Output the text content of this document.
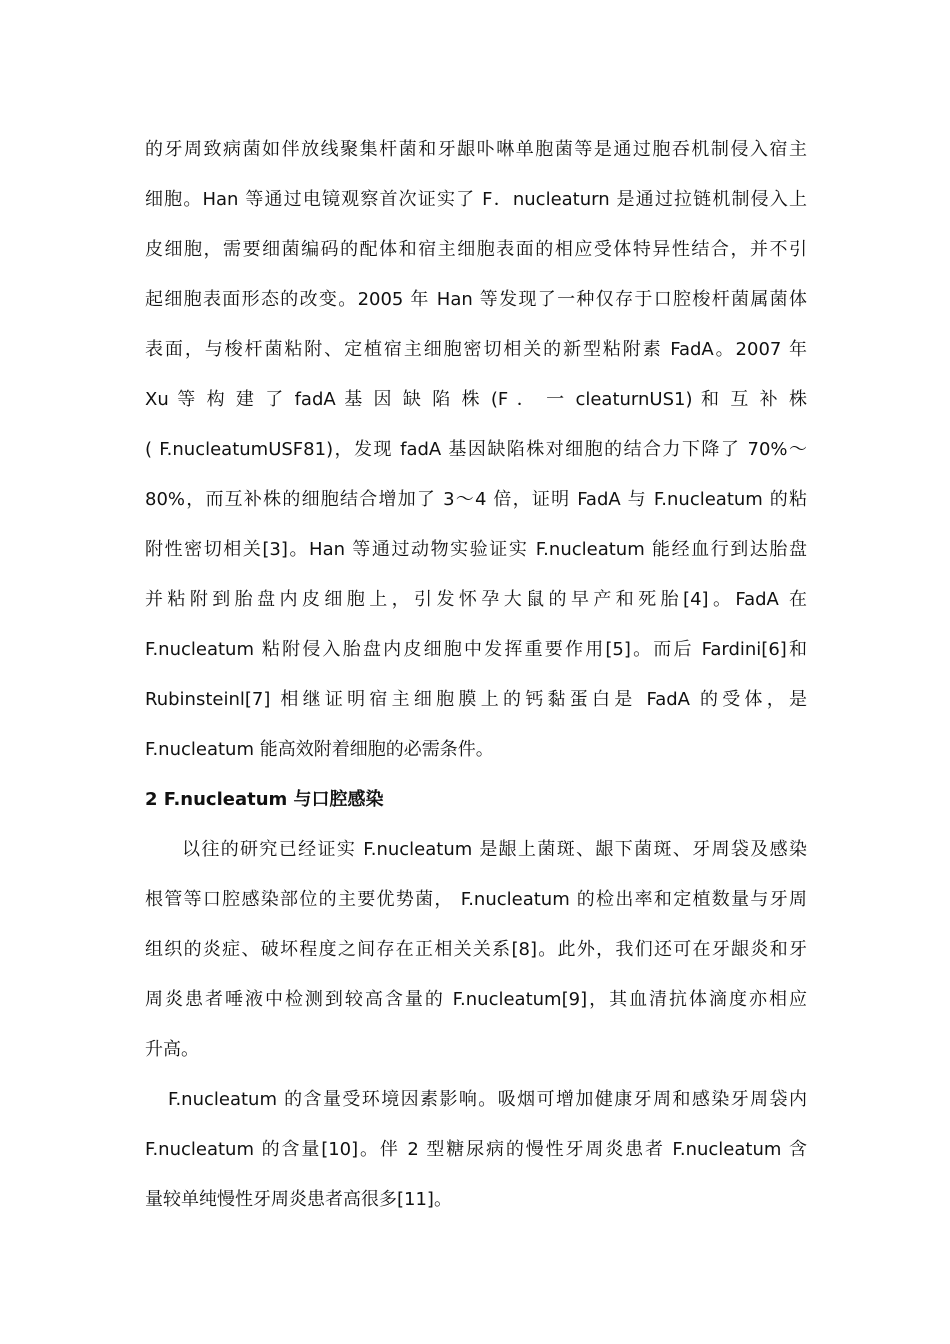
的牙周致病菌如伴放线聚集杆菌和牙龈卟啉单胞菌等是通过胞吞机制侵入宿主
细胞。Han 等通过电镜观察首次证实了 F．nucleaturn 是通过拉链机制侵入上
皮细胞，需要细菌编码的配体和宿主细胞表面的相应受体特异性结合，并不引
起细胞表面形态的改变。2005 年 Han 等发现了一种仅存于口腔梭杆菌属菌体
表面，与梭杆菌粘附、定植宿主细胞密切相关的新型粘附素 FadA。2007 年
Xu 等 构 建 了 fadA 基 因 缺 陷 株 (F ． 一 cleaturnUS1) 和 互 补 株
( F.nucleatumUSF81)，发现 fadA 基因缺陷株对细胞的结合力下降了 70%～
80%，而互补株的细胞结合增加了 3～4 倍，证明 FadA 与 F.nucleatum 的粘
附性密切相关[3]。Han 等通过动物实验证实 F.nucleatum 能经血行到达胎盘
并粘附到胎盘内皮细胞上，引发怀孕大鼠的早产和死胎[4]。FadA 在
F.nucleatum 粘附侵入胎盘内皮细胞中发挥重要作用[5]。而后 Fardini[6]和
Rubinsteinl[7] 相继证明宿主细胞膜上的钙黏蛋白是 FadA 的受体，是
F.nucleatum 能高效附着细胞的必需条件。
2 F.nucleatum 与口腔感染
以往的研究已经证实 F.nucleatum 是龈上菌斑、龈下菌斑、牙周袋及感染
根管等口腔感染部位的主要优势菌， F.nucleatum 的检出率和定植数量与牙周
组织的炎症、破坏程度之间存在正相关关系[8]。此外，我们还可在牙龈炎和牙
周炎患者唾液中检测到较高含量的 F.nucleatum[9]，其血清抗体滴度亦相应
升高。
F.nucleatum 的含量受环境因素影响。吸烟可增加健康牙周和感染牙周袋内
F.nucleatum 的含量[10]。伴 2 型糖尿病的慢性牙周炎患者 F.nucleatum 含
量较单纯慢性牙周炎患者高很多[11]。
